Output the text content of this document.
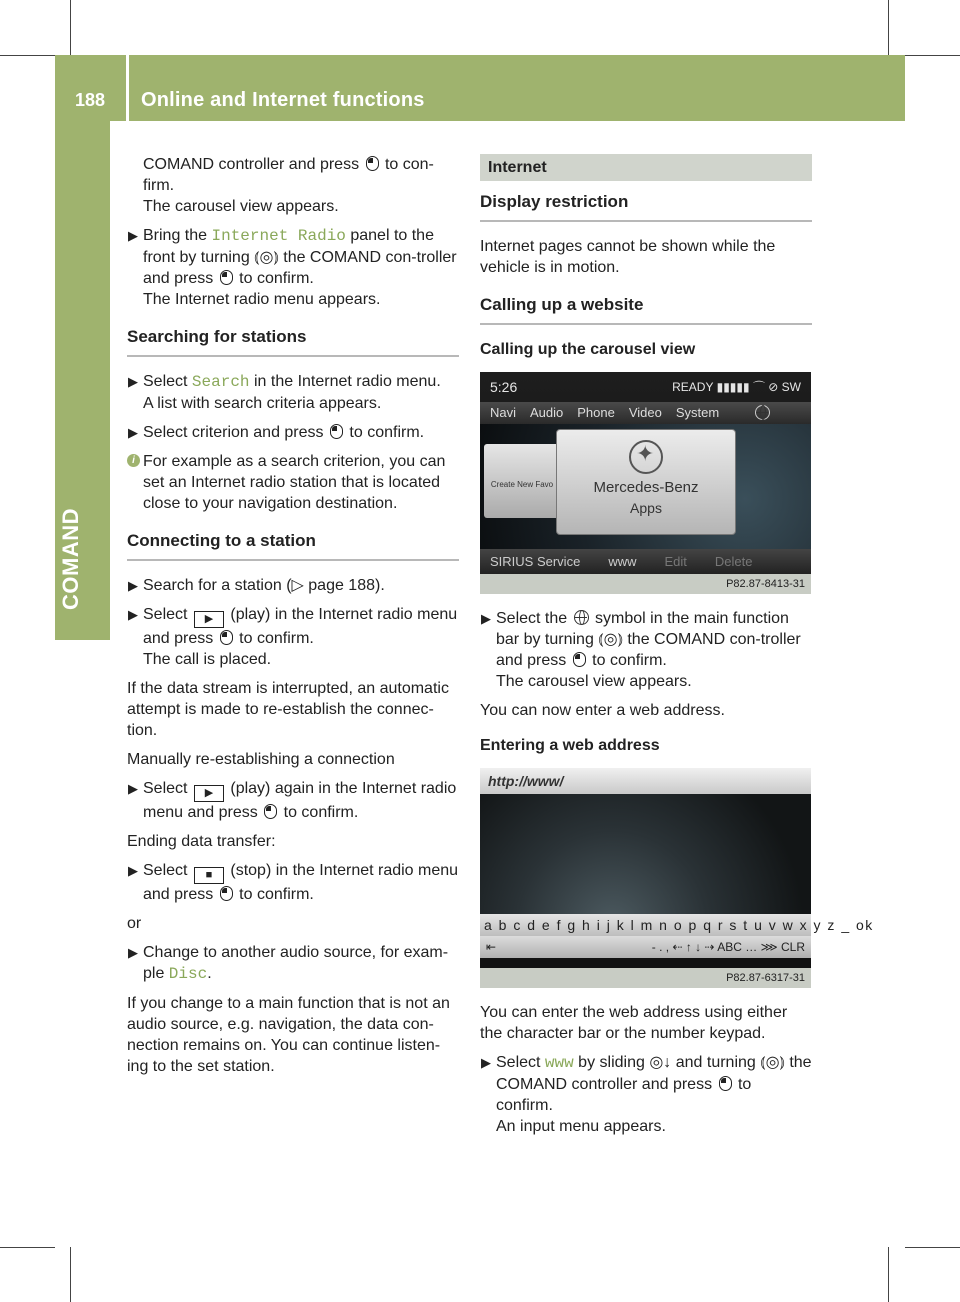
188	Online and Internet functions
COMAND
COMAND controller and press  to con-firm.
The carousel view appears.
▶ Bring the Internet Radio panel to the front by turning ⦅◎⦆ the COMAND con-troller and press  to confirm.
The Internet radio menu appears.
Searching for stations
▶ Select Search in the Internet radio menu.
A list with search criteria appears.
▶ Select criterion and press  to confirm.
i For example as a search criterion, you can set an Internet radio station that is located close to your navigation destination.
Connecting to a station
▶ Search for a station (▷ page 188).
▶ Select ▶ (play) in the Internet radio menu and press  to confirm.
The call is placed.
If the data stream is interrupted, an automatic attempt is made to re-establish the connec-tion.
Manually re-establishing a connection
▶ Select ▶ (play) again in the Internet radio menu and press  to confirm.
Ending data transfer:
▶ Select ■ (stop) in the Internet radio menu and press  to confirm.
or
▶ Change to another audio source, for exam-ple Disc.
If you change to a main function that is not an audio source, e.g. navigation, the data con-nection remains on. You can continue listen-ing to the set station.
Internet
Display restriction
Internet pages cannot be shown while the vehicle is in motion.
Calling up a website
Calling up the carousel view
5:26	READY ▮▮▮▮▮ ⌒ ⊘ SW
Navi Audio Phone Video System
Create New Favo
✦	Mercedes-Benz
Apps
SIRIUS Service www Edit Delete
P82.87-8413-31
▶ Select the  symbol in the main function bar by turning ⦅◎⦆ the COMAND con-troller and press  to confirm.
The carousel view appears.
You can now enter a web address.
Entering a web address
http://www/
a b c d e f g h i j k l m n o p q r s t u v w x y z _ ok
⇤	- . , ⇠ ↑ ↓ ⇢ ABC … ⋙ CLR
P82.87-6317-31
You can enter the web address using either the character bar or the number keypad.
▶ Select www by sliding ◎↓ and turning ⦅◎⦆ the COMAND controller and press  to confirm.
An input menu appears.
